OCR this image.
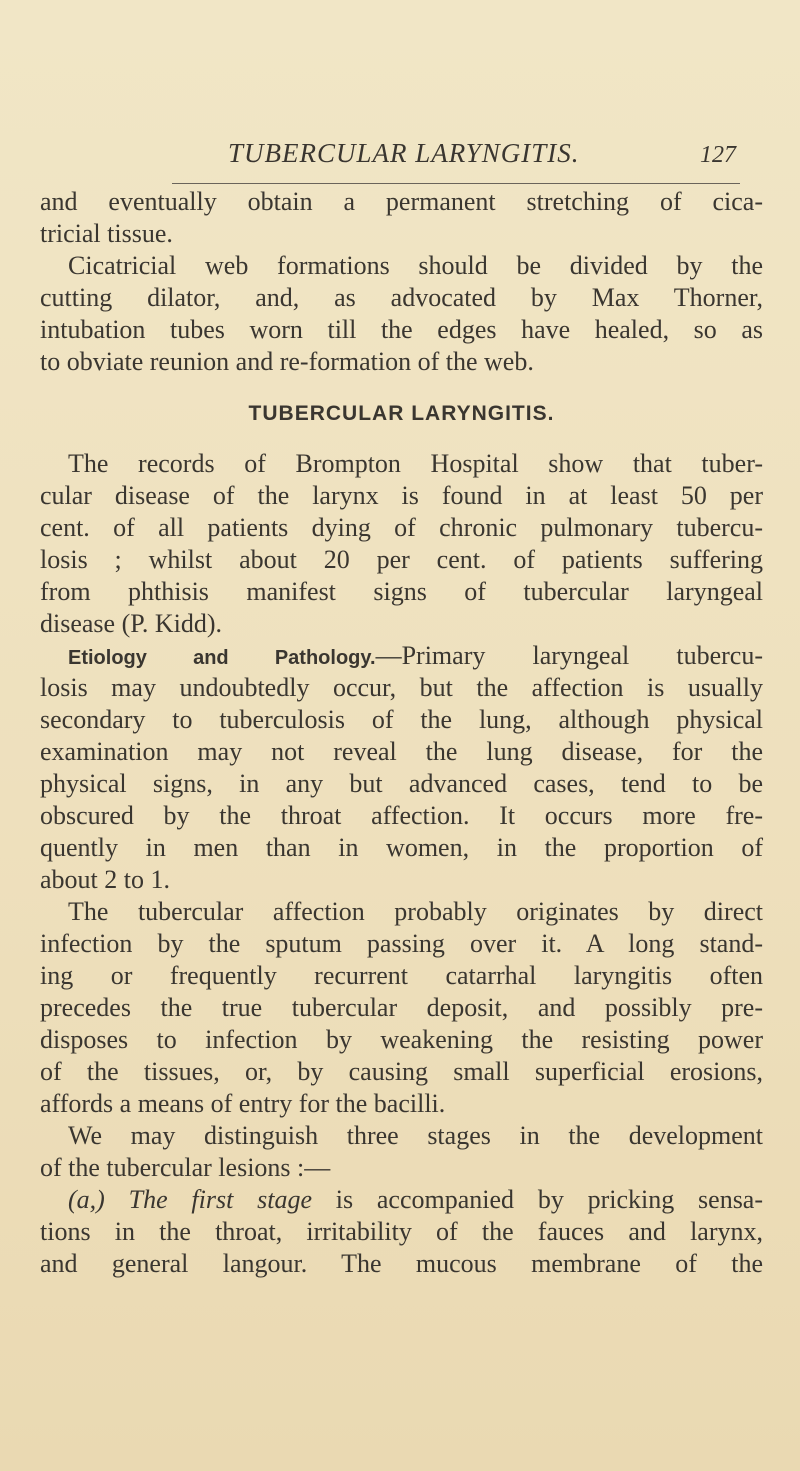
TUBERCULAR LARYNGITIS.	127
and eventually obtain a permanent stretching of cica-
tricial tissue.
Cicatricial web formations should be divided by the
cutting dilator, and, as advocated by Max Thorner,
intubation tubes worn till the edges have healed, so as
to obviate reunion and re-formation of the web.
TUBERCULAR LARYNGITIS.
The records of Brompton Hospital show that tuber-
cular disease of the larynx is found in at least 50 per
cent. of all patients dying of chronic pulmonary tubercu-
losis ; whilst about 20 per cent. of patients suffering
from phthisis manifest signs of tubercular laryngeal
disease (P. Kidd).
Etiology and Pathology.—Primary laryngeal tubercu-
losis may undoubtedly occur, but the affection is usually
secondary to tuberculosis of the lung, although physical
examination may not reveal the lung disease, for the
physical signs, in any but advanced cases, tend to be
obscured by the throat affection. It occurs more fre-
quently in men than in women, in the proportion of
about 2 to 1.
The tubercular affection probably originates by direct
infection by the sputum passing over it. A long stand-
ing or frequently recurrent catarrhal laryngitis often
precedes the true tubercular deposit, and possibly pre-
disposes to infection by weakening the resisting power
of the tissues, or, by causing small superficial erosions,
affords a means of entry for the bacilli.
We may distinguish three stages in the development
of the tubercular lesions :—
(a,) The first stage is accompanied by pricking sensa-
tions in the throat, irritability of the fauces and larynx,
and general langour. The mucous membrane of the
